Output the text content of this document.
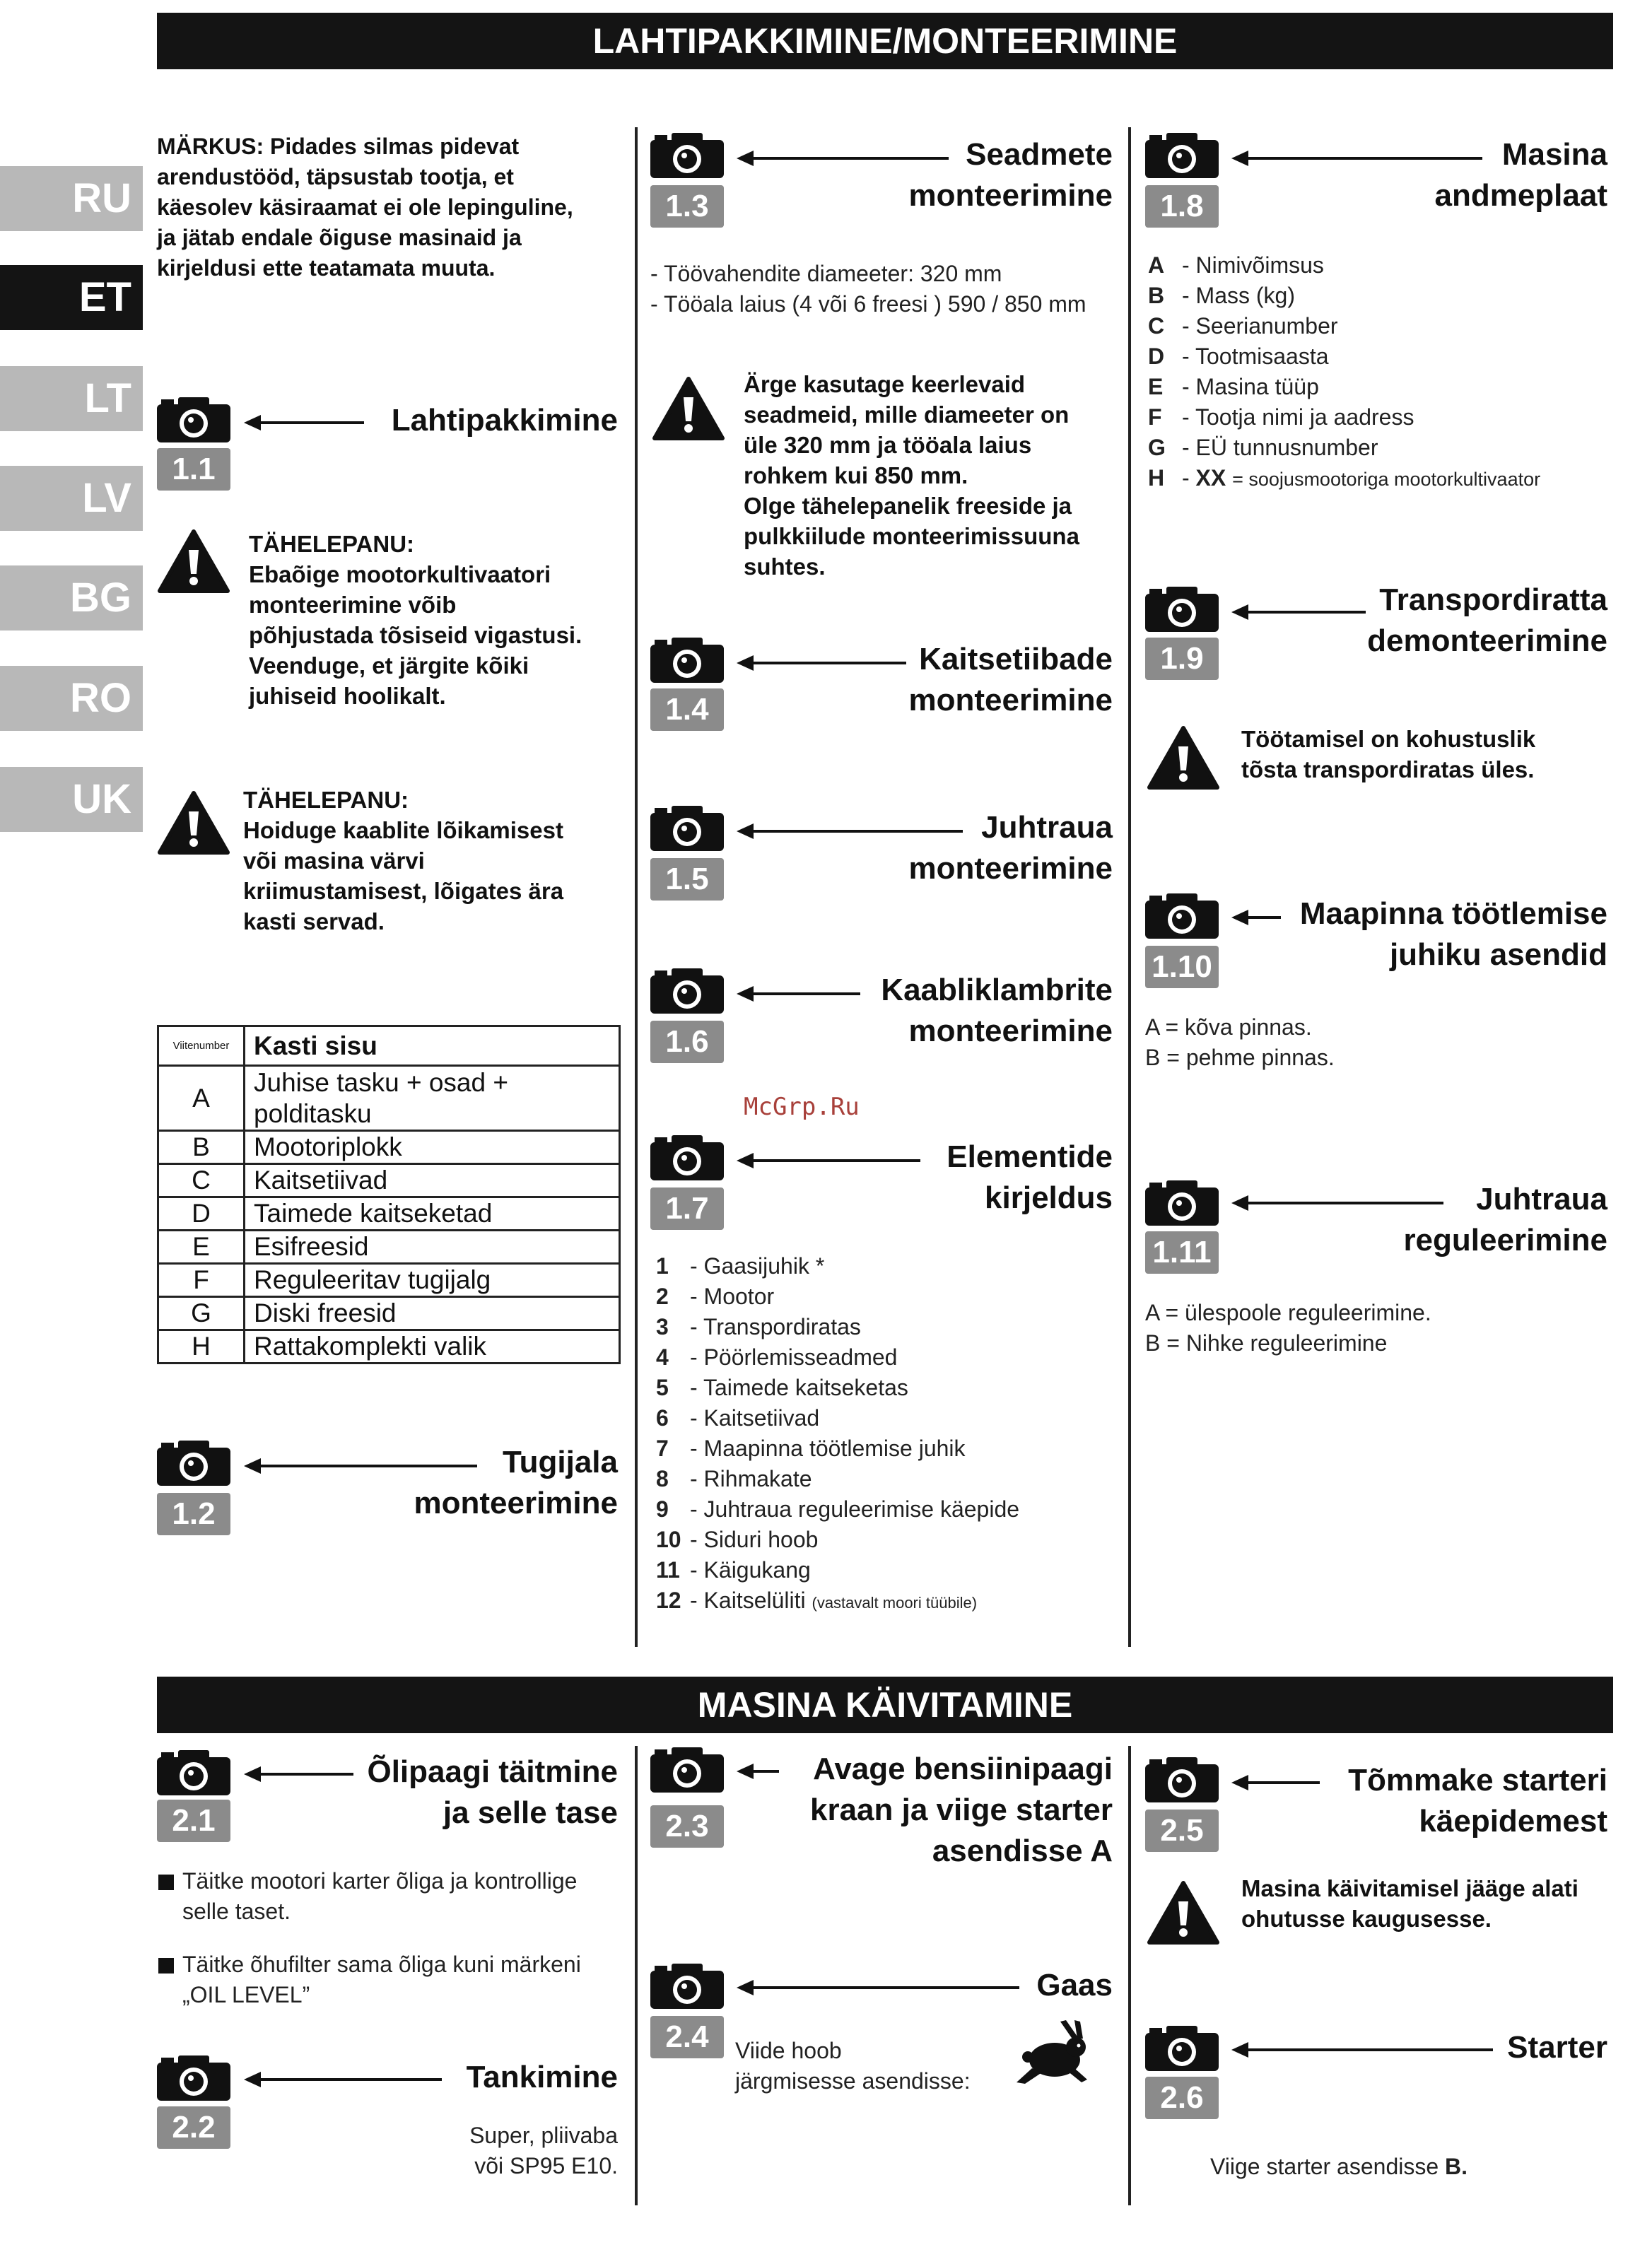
LAHTIPAKKIMINE/MONTEERIMINE
MASINA KÄIVITAMINE
RU
ET
LT
LV
BG
RO
UK
MÄRKUS: Pidades silmas pidevat
arendustööd, täpsustab tootja, et
käesolev käsiraamat ei ole lepinguline,
ja jätab endale õiguse masinaid ja
kirjeldusi ette teatamata muuta.
1.1
Lahtipakkimine
TÄHELEPANU:
Ebaõige mootorkultivaatori
monteerimine võib
põhjustada tõsiseid vigastusi.
Veenduge, et järgite kõiki
juhiseid hoolikalt.
TÄHELEPANU:
Hoiduge kaablite lõikamisest
või masina värvi
kriimustamisest, lõigates ära
kasti servad.
Viitenumber	Kasti sisu
A	Juhise tasku + osad +
polditasku

B	Mootoriplokk
C	Kaitsetiivad
D	Taimede kaitseketad
E	Esifreesid
F	Reguleeritav tugijalg
G	Diski freesid
H	Rattakomplekti valik
1.2
Tugijala
monteerimine
1.3
Seadmete
monteerimine
- Töövahendite diameeter: 320 mm
- Tööala laius (4 või 6 freesi ) 590 / 850 mm
Ärge kasutage keerlevaid
seadmeid, mille diameeter on
üle 320 mm ja tööala laius
rohkem kui 850 mm.
Olge tähelepanelik freeside ja
pulkkiilude monteerimissuuna
suhtes.
1.4
Kaitsetiibade
monteerimine
1.5
Juhtraua
monteerimine
1.6
Kaabliklambrite
monteerimine
McGrp.Ru
1.7
Elementide
kirjeldus
1 - Gaasijuhik *
2 - Mootor
3 - Transpordiratas
4 - Pöörlemisseadmed
5 - Taimede kaitseketas
6 - Kaitsetiivad
7 - Maapinna töötlemise juhik
8 - Rihmakate
9 - Juhtraua reguleerimise käepide
10 - Siduri hoob
11 - Käigukang
12 - Kaitselüliti (vastavalt moori tüübile)
1.8
Masina
andmeplaat
A - Nimivõimsus
B - Mass (kg)
C - Seerianumber
D - Tootmisaasta
E - Masina tüüp
F - Tootja nimi ja aadress
G - EÜ tunnusnumber
H - XX = soojusmootoriga mootorkultivaator
1.9
Transpordiratta
demonteerimine
Töötamisel on kohustuslik
tõsta transpordiratas üles.
1.10
Maapinna töötlemise
juhiku asendid
A = kõva pinnas.
B = pehme pinnas.
1.11
Juhtraua
reguleerimine
A = ülespoole reguleerimine.
B = Nihke reguleerimine
2.1
Õlipaagi täitmine
ja selle tase
Täitke mootori karter õliga ja kontrollige
selle taset.
Täitke õhufilter sama õliga kuni märkeni
„OIL LEVEL”
2.2
Tankimine
Super, pliivaba
või SP95 E10.
2.3
Avage bensiinipaagi
kraan ja viige starter
asendisse A
2.4
Gaas
Viide hoob
järgmisesse asendisse:
2.5
Tõmmake starteri
käepidemest
Masina käivitamisel jääge alati
ohutusse kaugusesse.
2.6
Starter
Viige starter asendisse B.
